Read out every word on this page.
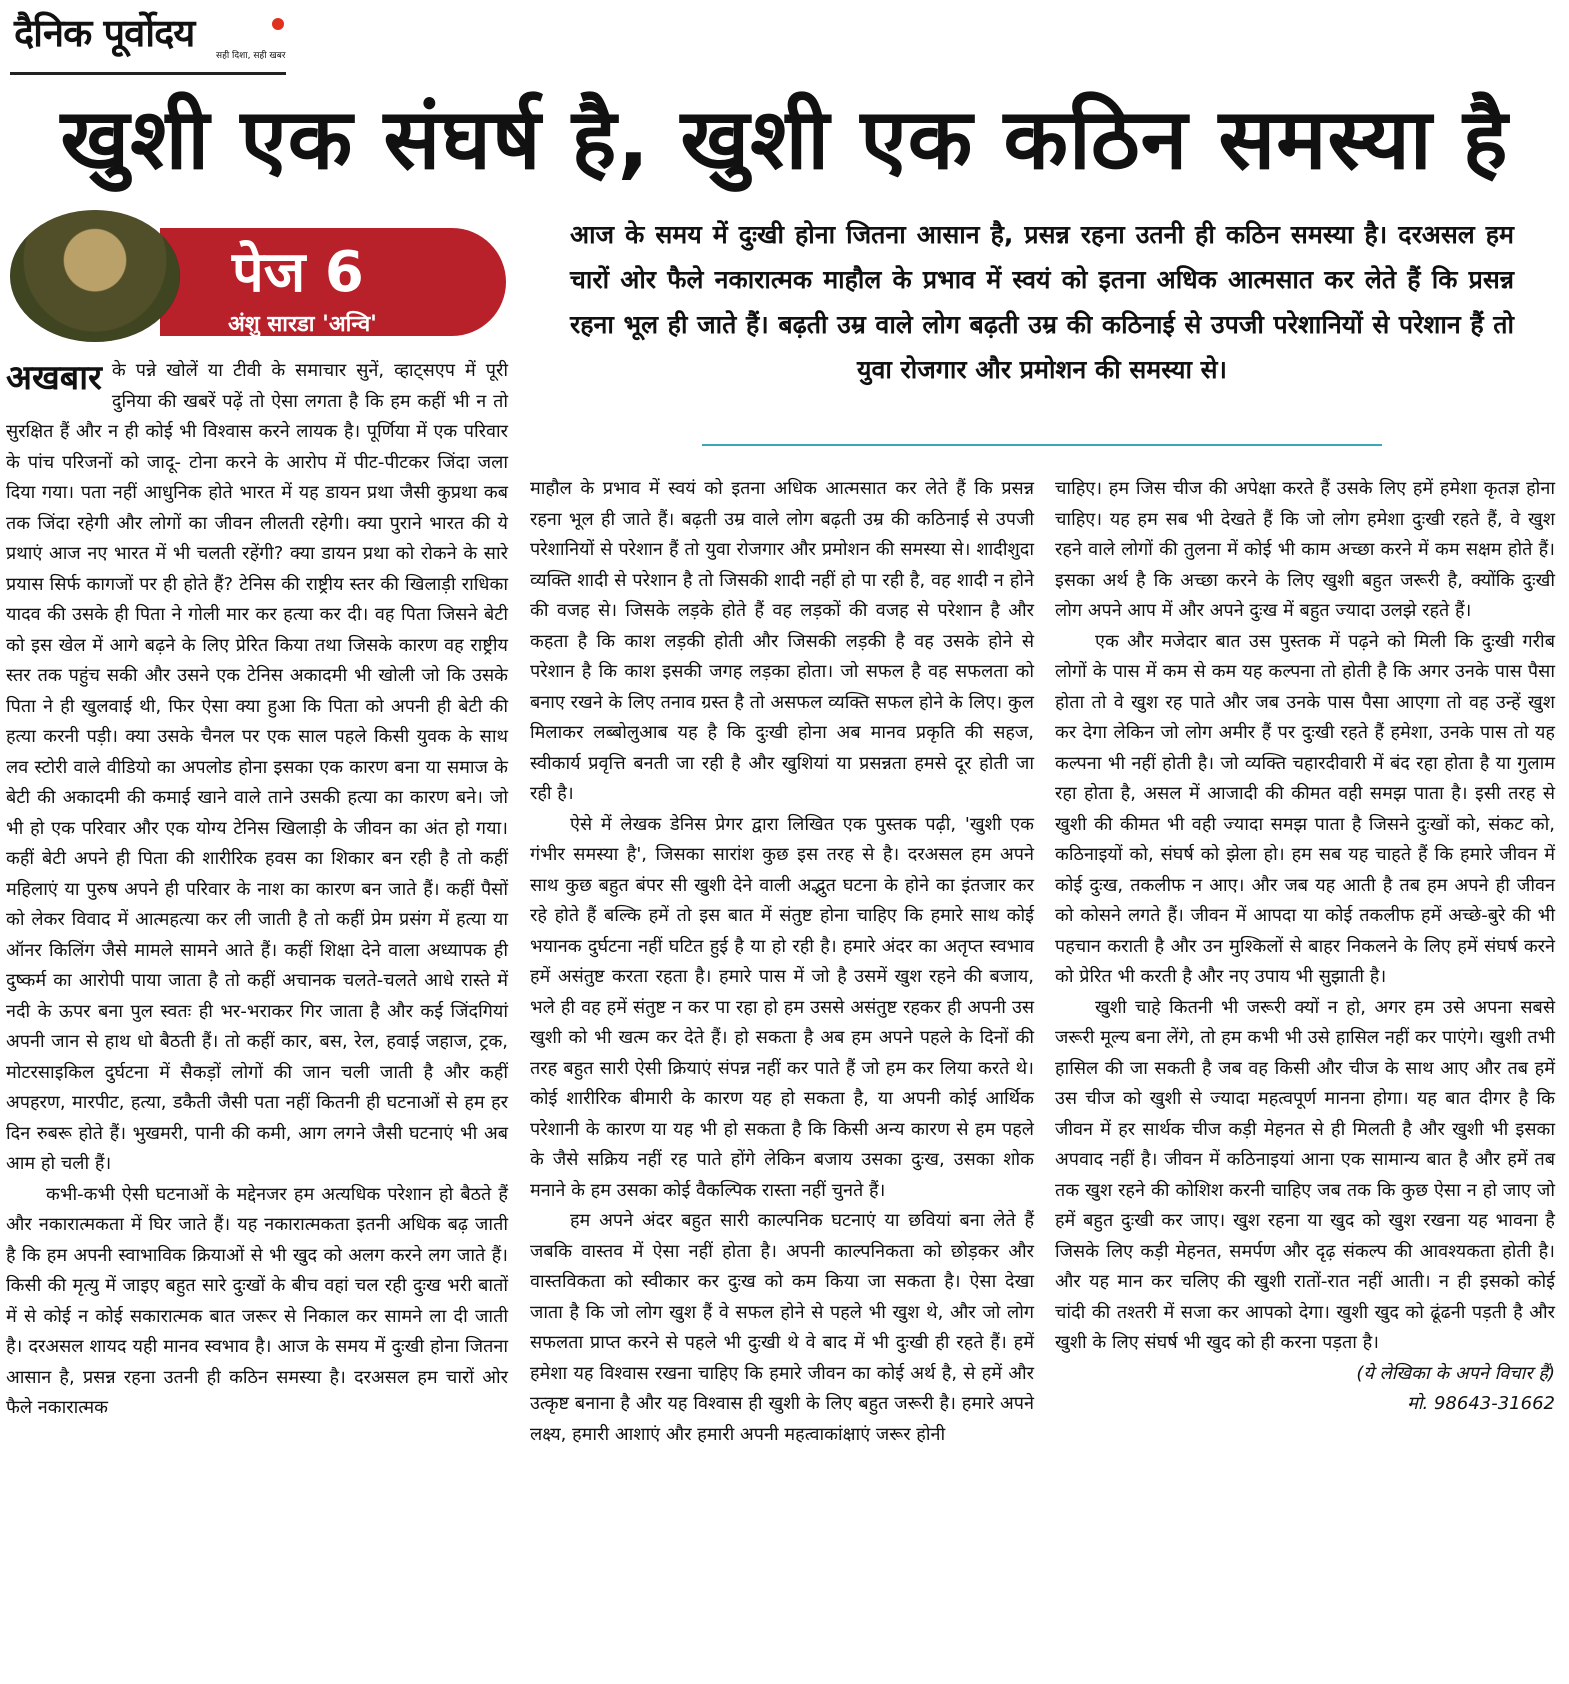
दैनिक पूर्वोदय
सही दिशा, सही खबर
खुशी एक संघर्ष है, खुशी एक कठिन समस्या है
पेज 6
अंशु सारडा 'अन्वि'
आज के समय में दुःखी होना जितना आसान है, प्रसन्न रहना उतनी ही कठिन समस्या है। दरअसल हम चारों ओर फैले नकारात्मक माहौल के प्रभाव में स्वयं को इतना अधिक आत्मसात कर लेते हैं कि प्रसन्न रहना भूल ही जाते हैं। बढ़ती उम्र वाले लोग बढ़ती उम्र की कठिनाई से उपजी परेशानियों से परेशान हैं तो युवा रोजगार और प्रमोशन की समस्या से।

अखबार के पन्ने खोलें या टीवी के समाचार सुनें, व्हाट्सएप में पूरी दुनिया की खबरें पढ़ें तो ऐसा लगता है कि हम कहीं भी न तो सुरक्षित हैं और न ही कोई भी विश्वास करने लायक है। पूर्णिया में एक परिवार के पांच परिजनों को जादू- टोना करने के आरोप में पीट-पीटकर जिंदा जला दिया गया। पता नहीं आधुनिक होते भारत में यह डायन प्रथा जैसी कुप्रथा कब तक जिंदा रहेगी और लोगों का जीवन लीलती रहेगी। क्या पुराने भारत की ये प्रथाएं आज नए भारत में भी चलती रहेंगी? क्या डायन प्रथा को रोकने के सारे प्रयास सिर्फ कागजों पर ही होते हैं? टेनिस की राष्ट्रीय स्तर की खिलाड़ी राधिका यादव की उसके ही पिता ने गोली मार कर हत्या कर दी। वह पिता जिसने बेटी को इस खेल में आगे बढ़ने के लिए प्रेरित किया तथा जिसके कारण वह राष्ट्रीय स्तर तक पहुंच सकी और उसने एक टेनिस अकादमी भी खोली जो कि उसके पिता ने ही खुलवाई थी, फिर ऐसा क्या हुआ कि पिता को अपनी ही बेटी की हत्या करनी पड़ी। क्या उसके चैनल पर एक साल पहले किसी युवक के साथ लव स्टोरी वाले वीडियो का अपलोड होना इसका एक कारण बना या समाज के बेटी की अकादमी की कमाई खाने वाले ताने उसकी हत्या का कारण बने। जो भी हो एक परिवार और एक योग्य टेनिस खिलाड़ी के जीवन का अंत हो गया। कहीं बेटी अपने ही पिता की शारीरिक हवस का शिकार बन रही है तो कहीं महिलाएं या पुरुष अपने ही परिवार के नाश का कारण बन जाते हैं। कहीं पैसों को लेकर विवाद में आत्महत्या कर ली जाती है तो कहीं प्रेम प्रसंग में हत्या या ऑनर किलिंग जैसे मामले सामने आते हैं। कहीं शिक्षा देने वाला अध्यापक ही दुष्कर्म का आरोपी पाया जाता है तो कहीं अचानक चलते-चलते आधे रास्ते में नदी के ऊपर बना पुल स्वतः ही भर-भराकर गिर जाता है और कई जिंदगियां अपनी जान से हाथ धो बैठती हैं। तो कहीं कार, बस, रेल, हवाई जहाज, ट्रक, मोटरसाइकिल दुर्घटना में सैकड़ों लोगों की जान चली जाती है और कहीं अपहरण, मारपीट, हत्या, डकैती जैसी पता नहीं कितनी ही घटनाओं से हम हर दिन रुबरू होते हैं। भुखमरी, पानी की कमी, आग लगने जैसी घटनाएं भी अब आम हो चली हैं।

कभी-कभी ऐसी घटनाओं के मद्देनजर हम अत्यधिक परेशान हो बैठते हैं और नकारात्मकता में घिर जाते हैं। यह नकारात्मकता इतनी अधिक बढ़ जाती है कि हम अपनी स्वाभाविक क्रियाओं से भी खुद को अलग करने लग जाते हैं। किसी की मृत्यु में जाइए बहुत सारे दुःखों के बीच वहां चल रही दुःख भरी बातों में से कोई न कोई सकारात्मक बात जरूर से निकाल कर सामने ला दी जाती है। दरअसल शायद यही मानव स्वभाव है। आज के समय में दुःखी होना जितना आसान है, प्रसन्न रहना उतनी ही कठिन समस्या है। दरअसल हम चारों ओर फैले नकारात्मक

माहौल के प्रभाव में स्वयं को इतना अधिक आत्मसात कर लेते हैं कि प्रसन्न रहना भूल ही जाते हैं। बढ़ती उम्र वाले लोग बढ़ती उम्र की कठिनाई से उपजी परेशानियों से परेशान हैं तो युवा रोजगार और प्रमोशन की समस्या से। शादीशुदा व्यक्ति शादी से परेशान है तो जिसकी शादी नहीं हो पा रही है, वह शादी न होने की वजह से। जिसके लड़के होते हैं वह लड़कों की वजह से परेशान है और कहता है कि काश लड़की होती और जिसकी लड़की है वह उसके होने से परेशान है कि काश इसकी जगह लड़का होता। जो सफल है वह सफलता को बनाए रखने के लिए तनाव ग्रस्त है तो असफल व्यक्ति सफल होने के लिए। कुल मिलाकर लब्बोलुआब यह है कि दुःखी होना अब मानव प्रकृति की सहज, स्वीकार्य प्रवृत्ति बनती जा रही है और खुशियां या प्रसन्नता हमसे दूर होती जा रही है।

ऐसे में लेखक डेनिस प्रेगर द्वारा लिखित एक पुस्तक पढ़ी, 'खुशी एक गंभीर समस्या है', जिसका सारांश कुछ इस तरह से है। दरअसल हम अपने साथ कुछ बहुत बंपर सी खुशी देने वाली अद्भुत घटना के होने का इंतजार कर रहे होते हैं बल्कि हमें तो इस बात में संतुष्ट होना चाहिए कि हमारे साथ कोई भयानक दुर्घटना नहीं घटित हुई है या हो रही है। हमारे अंदर का अतृप्त स्वभाव हमें असंतुष्ट करता रहता है। हमारे पास में जो है उसमें खुश रहने की बजाय, भले ही वह हमें संतुष्ट न कर पा रहा हो हम उससे असंतुष्ट रहकर ही अपनी उस खुशी को भी खत्म कर देते हैं। हो सकता है अब हम अपने पहले के दिनों की तरह बहुत सारी ऐसी क्रियाएं संपन्न नहीं कर पाते हैं जो हम कर लिया करते थे। कोई शारीरिक बीमारी के कारण यह हो सकता है, या अपनी कोई आर्थिक परेशानी के कारण या यह भी हो सकता है कि किसी अन्य कारण से हम पहले के जैसे सक्रिय नहीं रह पाते होंगे लेकिन बजाय उसका दुःख, उसका शोक मनाने के हम उसका कोई वैकल्पिक रास्ता नहीं चुनते हैं।

हम अपने अंदर बहुत सारी काल्पनिक घटनाएं या छवियां बना लेते हैं जबकि वास्तव में ऐसा नहीं होता है। अपनी काल्पनिकता को छोड़कर और वास्तविकता को स्वीकार कर दुःख को कम किया जा सकता है। ऐसा देखा जाता है कि जो लोग खुश हैं वे सफल होने से पहले भी खुश थे, और जो लोग सफलता प्राप्त करने से पहले भी दुःखी थे वे बाद में भी दुःखी ही रहते हैं। हमें हमेशा यह विश्वास रखना चाहिए कि हमारे जीवन का कोई अर्थ है, से हमें और उत्कृष्ट बनाना है और यह विश्वास ही खुशी के लिए बहुत जरूरी है। हमारे अपने लक्ष्य, हमारी आशाएं और हमारी अपनी महत्वाकांक्षाएं जरूर होनी

चाहिए। हम जिस चीज की अपेक्षा करते हैं उसके लिए हमें हमेशा कृतज्ञ होना चाहिए। यह हम सब भी देखते हैं कि जो लोग हमेशा दुःखी रहते हैं, वे खुश रहने वाले लोगों की तुलना में कोई भी काम अच्छा करने में कम सक्षम होते हैं। इसका अर्थ है कि अच्छा करने के लिए खुशी बहुत जरूरी है, क्योंकि दुःखी लोग अपने आप में और अपने दुःख में बहुत ज्यादा उलझे रहते हैं।

एक और मजेदार बात उस पुस्तक में पढ़ने को मिली कि दुःखी गरीब लोगों के पास में कम से कम यह कल्पना तो होती है कि अगर उनके पास पैसा होता तो वे खुश रह पाते और जब उनके पास पैसा आएगा तो वह उन्हें खुश कर देगा लेकिन जो लोग अमीर हैं पर दुःखी रहते हैं हमेशा, उनके पास तो यह कल्पना भी नहीं होती है। जो व्यक्ति चहारदीवारी में बंद रहा होता है या गुलाम रहा होता है, असल में आजादी की कीमत वही समझ पाता है। इसी तरह से खुशी की कीमत भी वही ज्यादा समझ पाता है जिसने दुःखों को, संकट को, कठिनाइयों को, संघर्ष को झेला हो। हम सब यह चाहते हैं कि हमारे जीवन में कोई दुःख, तकलीफ न आए। और जब यह आती है तब हम अपने ही जीवन को कोसने लगते हैं। जीवन में आपदा या कोई तकलीफ हमें अच्छे-बुरे की भी पहचान कराती है और उन मुश्किलों से बाहर निकलने के लिए हमें संघर्ष करने को प्रेरित भी करती है और नए उपाय भी सुझाती है।

खुशी चाहे कितनी भी जरूरी क्यों न हो, अगर हम उसे अपना सबसे जरूरी मूल्य बना लेंगे, तो हम कभी भी उसे हासिल नहीं कर पाएंगे। खुशी तभी हासिल की जा सकती है जब वह किसी और चीज के साथ आए और तब हमें उस चीज को खुशी से ज्यादा महत्वपूर्ण मानना होगा। यह बात दीगर है कि जीवन में हर सार्थक चीज कड़ी मेहनत से ही मिलती है और खुशी भी इसका अपवाद नहीं है। जीवन में कठिनाइयां आना एक सामान्य बात है और हमें तब तक खुश रहने की कोशिश करनी चाहिए जब तक कि कुछ ऐसा न हो जाए जो हमें बहुत दुःखी कर जाए। खुश रहना या खुद को खुश रखना यह भावना है जिसके लिए कड़ी मेहनत, समर्पण और दृढ़ संकल्प की आवश्यकता होती है। और यह मान कर चलिए की खुशी रातों-रात नहीं आती। न ही इसको कोई चांदी की तश्तरी में सजा कर आपको देगा। खुशी खुद को ढूंढनी पड़ती है और खुशी के लिए संघर्ष भी खुद को ही करना पड़ता है।

(ये लेखिका के अपने विचार हैं)
मो. 98643-31662
